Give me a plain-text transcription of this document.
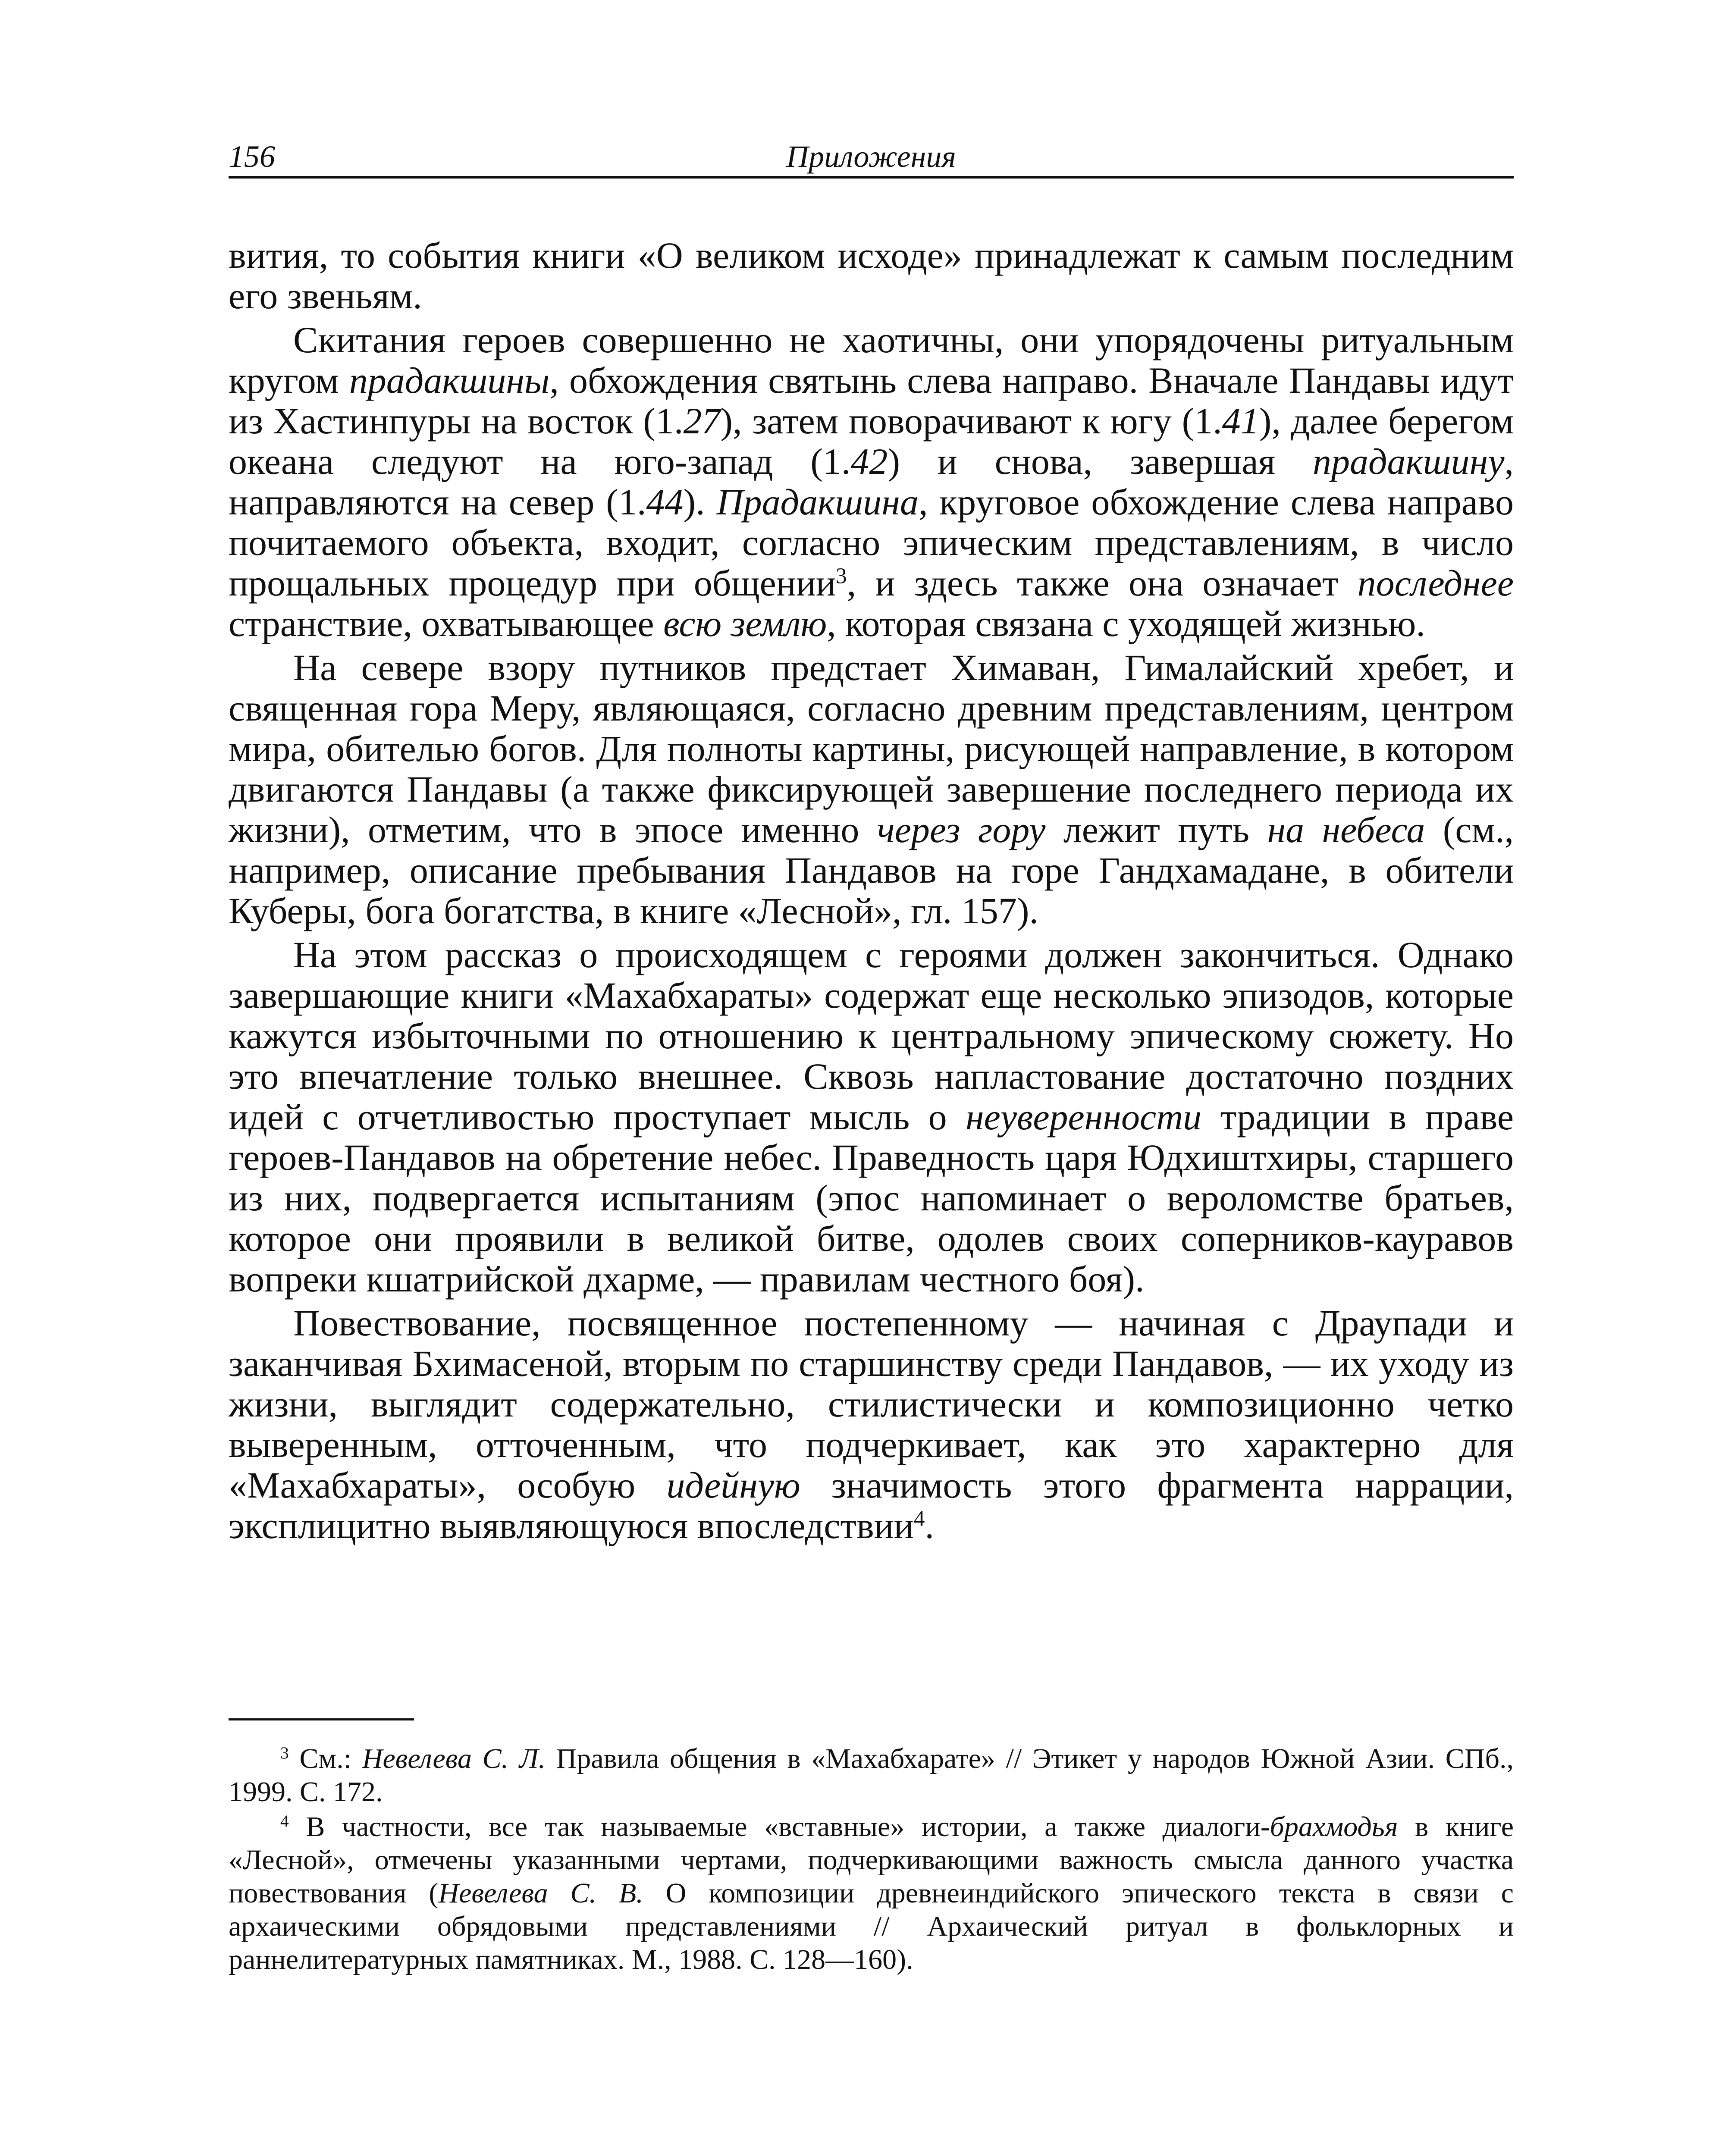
156	Приложения

вития, то события книги «О великом исходе» принадлежат к самым последним его звеньям.

Скитания героев совершенно не хаотичны, они упорядочены ритуальным кругом прадакшины, обхождения святынь слева направо. Вначале Пандавы идут из Хастинпуры на восток (1.27), затем поворачивают к югу (1.41), далее берегом океана следуют на юго-запад (1.42) и снова, завершая прадакшину, направляются на север (1.44). Прадакшина, круговое обхождение слева направо почитаемого объекта, входит, согласно эпическим представлениям, в число прощальных процедур при общении$^3$, и здесь также она означает последнее странствие, охватывающее всю землю, которая связана с уходящей жизнью.

На севере взору путников предстает Химаван, Гималайский хребет, и священная гора Меру, являющаяся, согласно древним представлениям, центром мира, обителью богов. Для полноты картины, рисующей направление, в котором двигаются Пандавы (а также фиксирующей завершение последнего периода их жизни), отметим, что в эпосе именно через гору лежит путь на небеса (см., например, описание пребывания Пандавов на горе Гандхамадане, в обители Куберы, бога богатства, в книге «Лесной», гл. 157).

На этом рассказ о происходящем с героями должен закончиться. Однако завершающие книги «Махабхараты» содержат еще несколько эпизодов, которые кажутся избыточными по отношению к центральному эпическому сюжету. Но это впечатление только внешнее. Сквозь напластование достаточно поздних идей с отчетливостью проступает мысль о неуверенности традиции в праве героев-Пандавов на обретение небес. Праведность царя Юдхиштхиры, старшего из них, подвергается испытаниям (эпос напоминает о вероломстве братьев, которое они проявили в великой битве, одолев своих соперников-кауравов вопреки кшатрийской дхарме, — правилам честного боя).

Повествование, посвященное постепенному — начиная с Драупади и заканчивая Бхимасеной, вторым по старшинству среди Пандавов, — их уходу из жизни, выглядит содержательно, стилистически и композиционно четко выверенным, отточенным, что подчеркивает, как это характерно для «Махабхараты», особую идейную значимость этого фрагмента наррации, эксплицитно выявляющуюся впоследствии$^4$.

$^3$ См.: Невелева С. Л. Правила общения в «Махабхарате» // Этикет у народов Южной Азии. СПб., 1999. С. 172.

$^4$ В частности, все так называемые «вставные» истории, а также диалоги-брахмодья в книге «Лесной», отмечены указанными чертами, подчеркивающими важность смысла данного участка повествования (Невелева С. В. О композиции древнеиндийского эпического текста в связи с архаическими обрядовыми представлениями // Архаический ритуал в фольклорных и раннелитературных памятниках. М., 1988. С. 128—160).
